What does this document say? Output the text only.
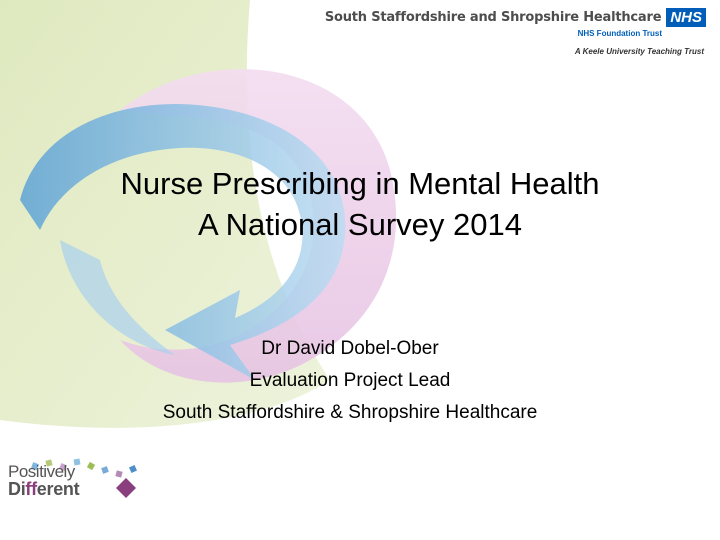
South Staffordshire and Shropshire Healthcare NHS
NHS Foundation Trust
A Keele University Teaching Trust
Nurse Prescribing in Mental Health
A National Survey 2014
Dr David Dobel-Ober
Evaluation Project Lead
South Staffordshire & Shropshire Healthcare
Positively
Different
